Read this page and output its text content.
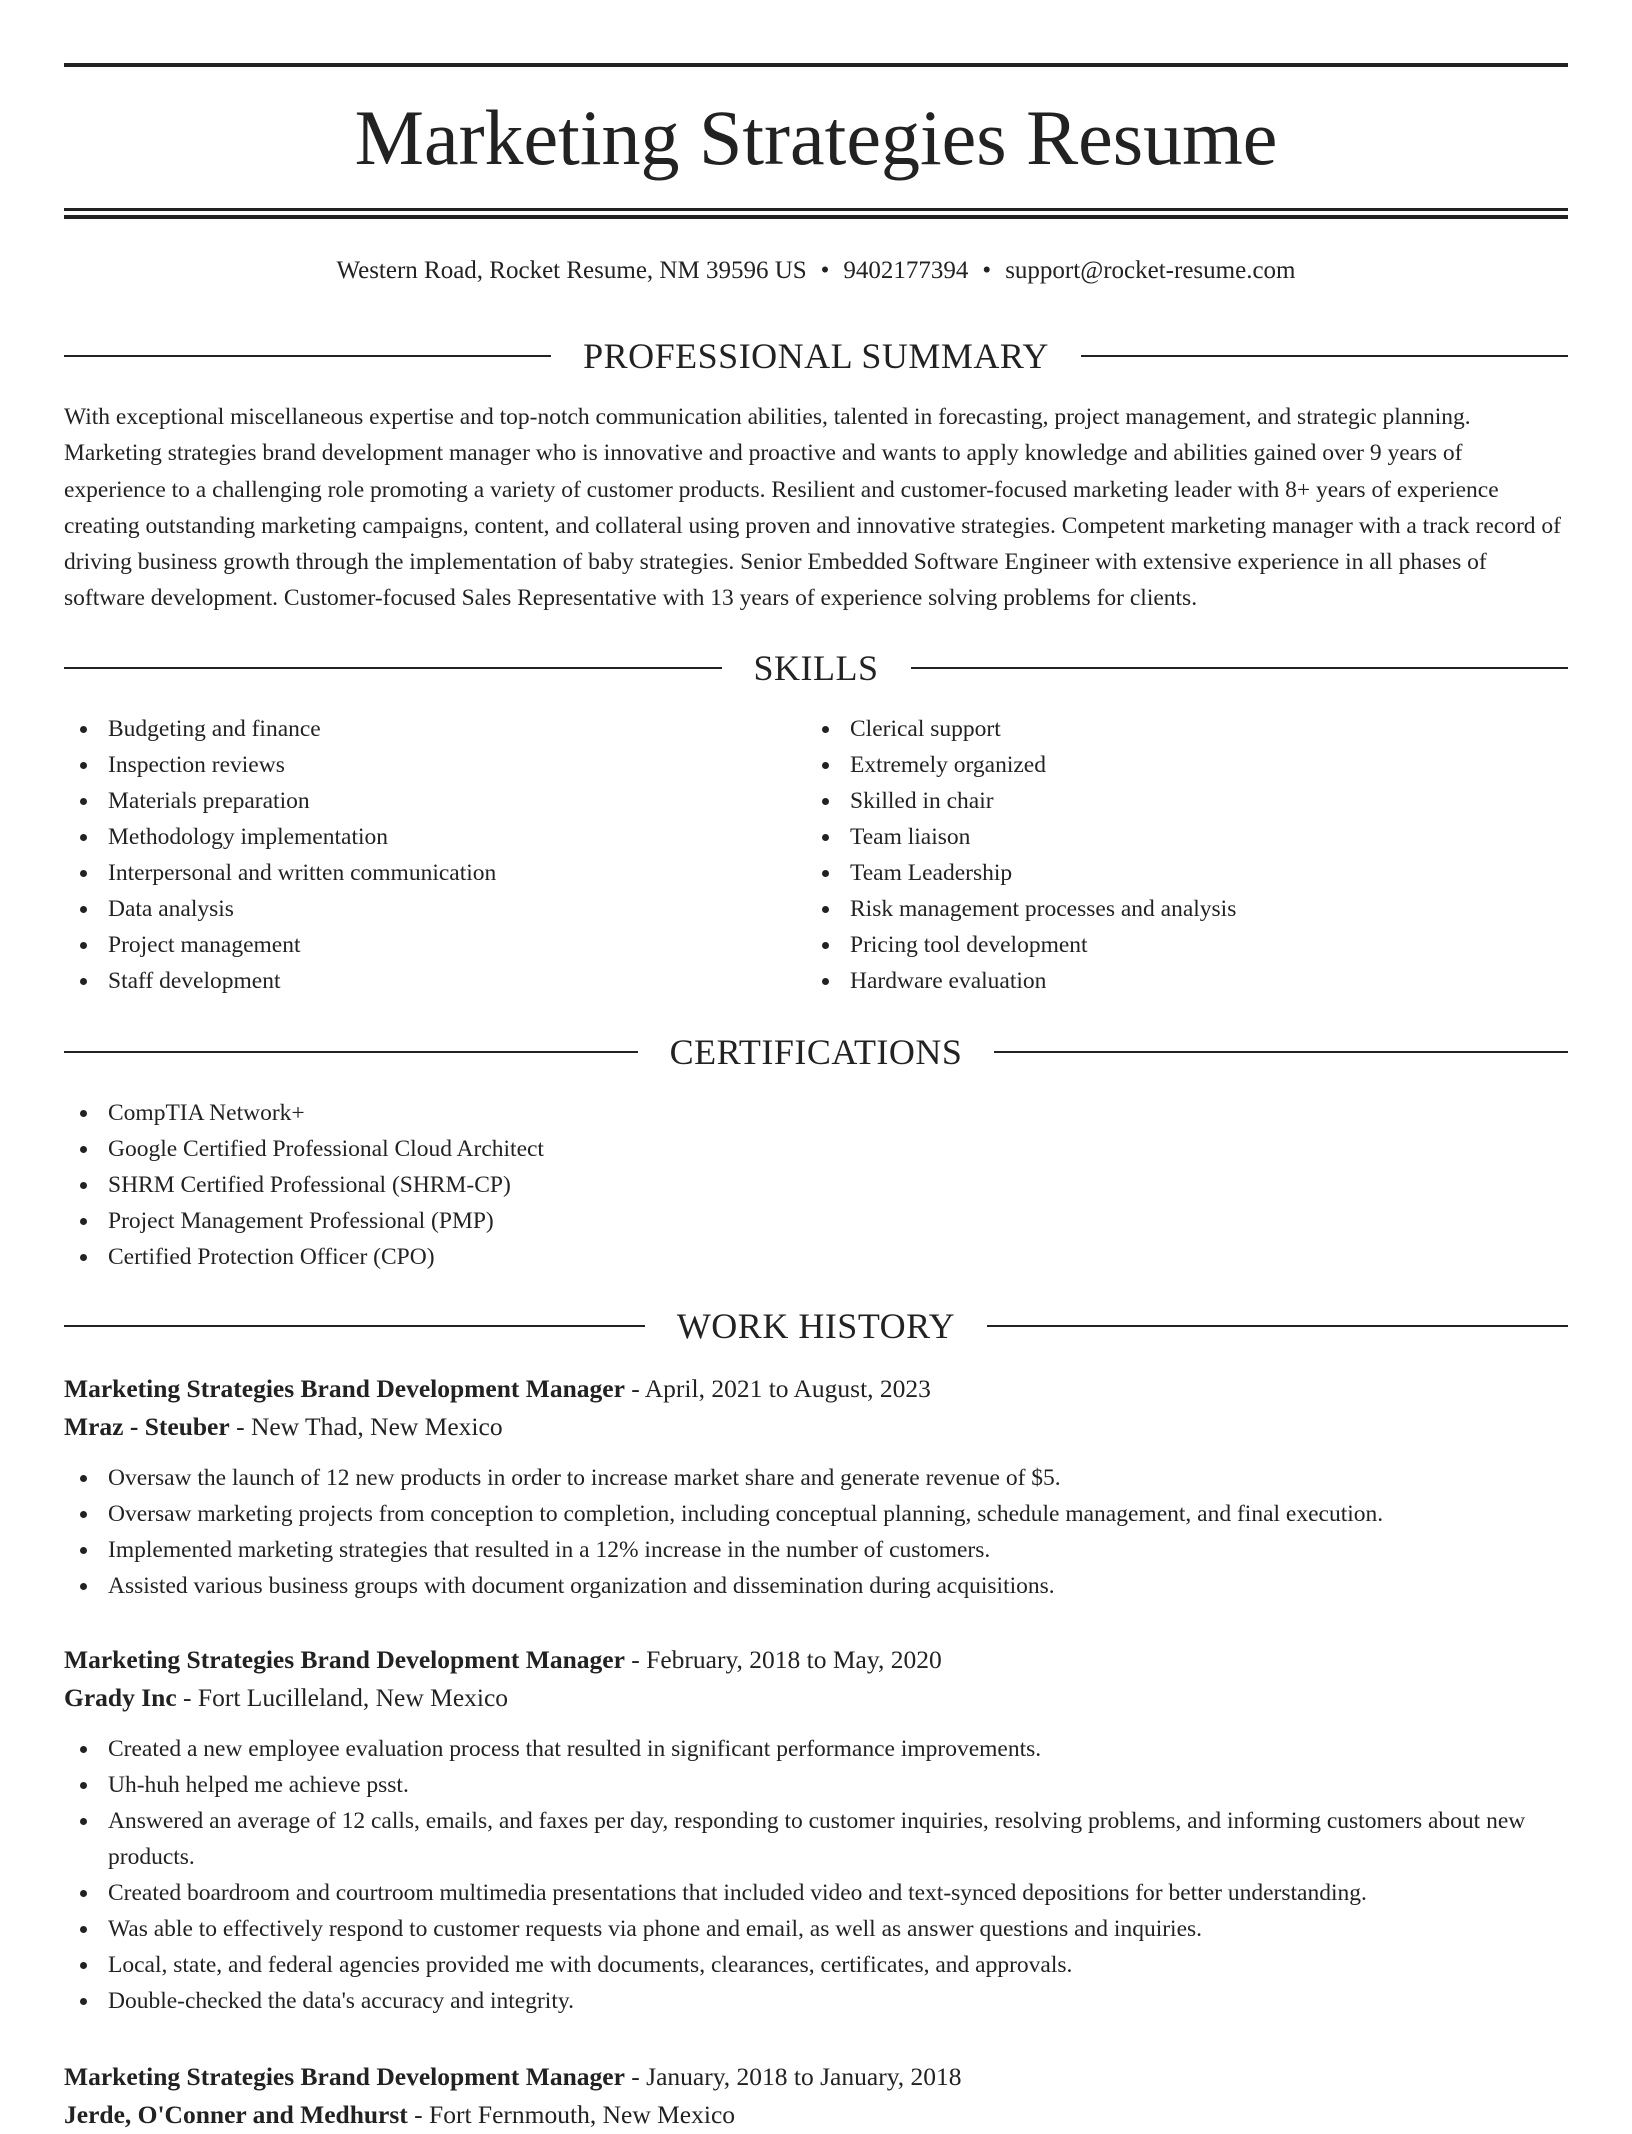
Marketing Strategies Resume
Western Road, Rocket Resume, NM 39596 US • 9402177394 • support@rocket-resume.com
PROFESSIONAL SUMMARY

With exceptional miscellaneous expertise and top-notch communication abilities, talented in forecasting, project management, and strategic planning. Marketing strategies brand development manager who is innovative and proactive and wants to apply knowledge and abilities gained over 9 years of experience to a challenging role promoting a variety of customer products. Resilient and customer-focused marketing leader with 8+ years of experience creating outstanding marketing campaigns, content, and collateral using proven and innovative strategies. Competent marketing manager with a track record of driving business growth through the implementation of baby strategies. Senior Embedded Software Engineer with extensive experience in all phases of software development. Customer-focused Sales Representative with 13 years of experience solving problems for clients.

SKILLS
Budgeting and finance
Inspection reviews
Materials preparation
Methodology implementation
Interpersonal and written communication
Data analysis
Project management
Staff development
Clerical support
Extremely organized
Skilled in chair
Team liaison
Team Leadership
Risk management processes and analysis
Pricing tool development
Hardware evaluation
CERTIFICATIONS
CompTIA Network+
Google Certified Professional Cloud Architect
SHRM Certified Professional (SHRM-CP)
Project Management Professional (PMP)
Certified Protection Officer (CPO)
WORK HISTORY
Marketing Strategies Brand Development Manager - April, 2021 to August, 2023
Mraz - Steuber - New Thad, New Mexico
Oversaw the launch of 12 new products in order to increase market share and generate revenue of $5.
Oversaw marketing projects from conception to completion, including conceptual planning, schedule management, and final execution.
Implemented marketing strategies that resulted in a 12% increase in the number of customers.
Assisted various business groups with document organization and dissemination during acquisitions.
Marketing Strategies Brand Development Manager - February, 2018 to May, 2020
Grady Inc - Fort Lucilleland, New Mexico
Created a new employee evaluation process that resulted in significant performance improvements.
Uh-huh helped me achieve psst.
Answered an average of 12 calls, emails, and faxes per day, responding to customer inquiries, resolving problems, and informing customers about new products.
Created boardroom and courtroom multimedia presentations that included video and text-synced depositions for better understanding.
Was able to effectively respond to customer requests via phone and email, as well as answer questions and inquiries.
Local, state, and federal agencies provided me with documents, clearances, certificates, and approvals.
Double-checked the data's accuracy and integrity.
Marketing Strategies Brand Development Manager - January, 2018 to January, 2018
Jerde, O'Conner and Medhurst - Fort Fernmouth, New Mexico
